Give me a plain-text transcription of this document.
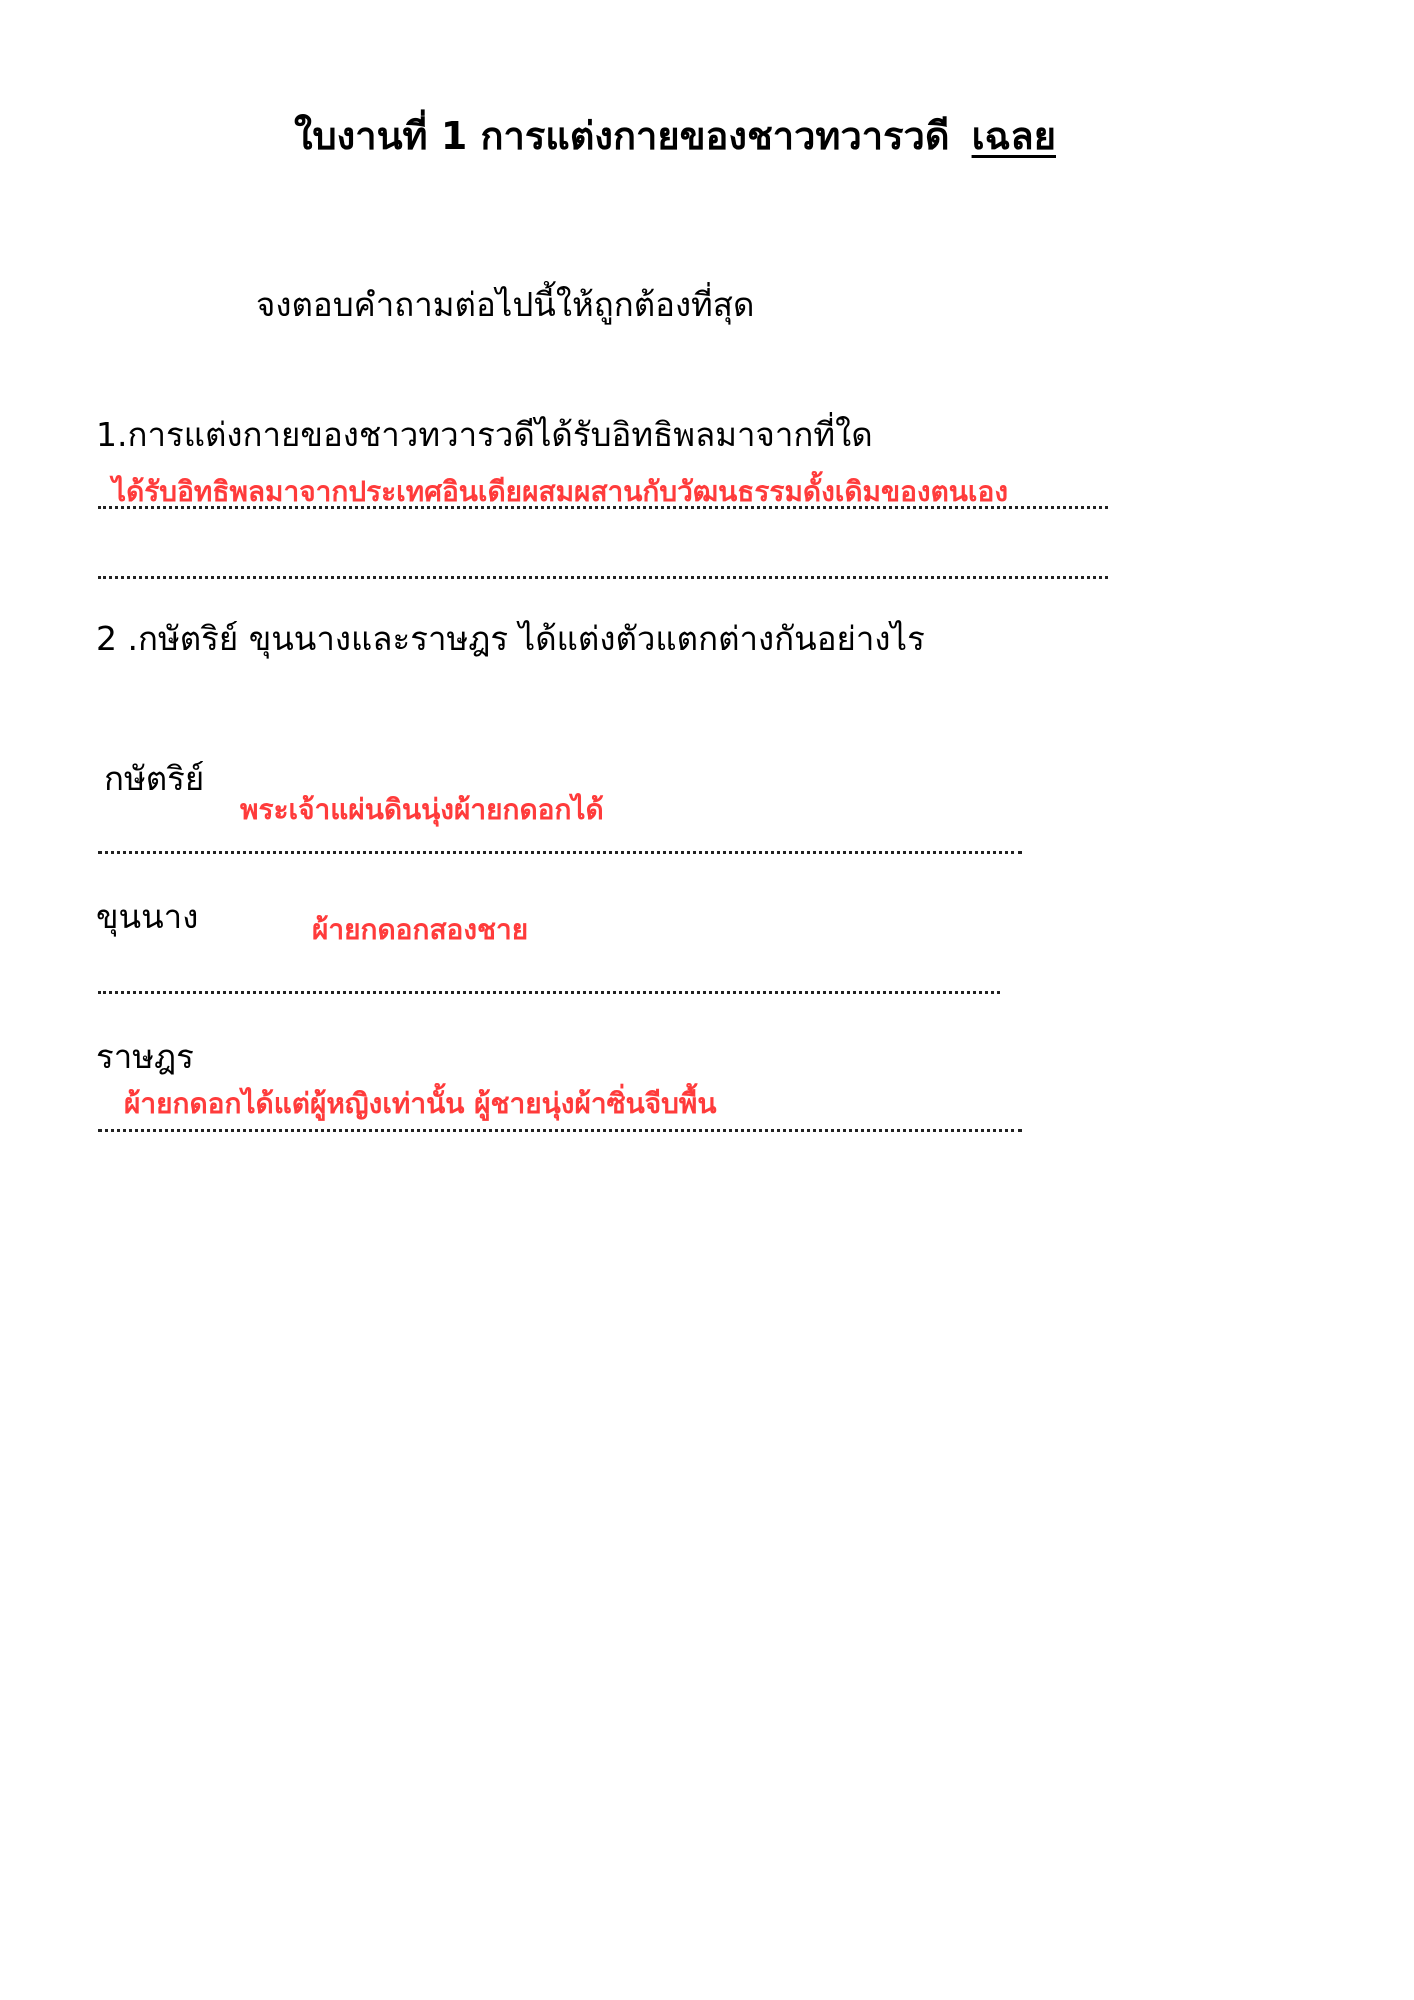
ใบงานที่ 1 การแต่งกายของชาวทวารวดี เฉลย
จงตอบคำถามต่อไปนี้ให้ถูกต้องที่สุด
1.การแต่งกายของชาวทวารวดีได้รับอิทธิพลมาจากที่ใด
ได้รับอิทธิพลมาจากประเทศอินเดียผสมผสานกับวัฒนธรรมดั้งเดิมของตนเอง
2 .กษัตริย์ ขุนนางและราษฎร ได้แต่งตัวแตกต่างกันอย่างไร
กษัตริย์
พระเจ้าแผ่นดินนุ่งผ้ายกดอกได้
ขุนนาง	ผ้ายกดอกสองชาย
ราษฎร
ผ้ายกดอกได้แต่ผู้หญิงเท่านั้น ผู้ชายนุ่งผ้าซิ่นจีบพื้น
